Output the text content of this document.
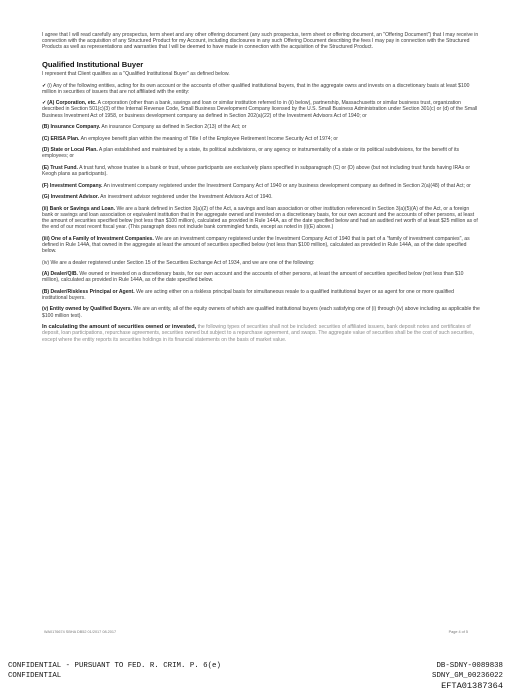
I agree that I will read carefully any prospectus, term sheet and any other offering document (any such prospectus, term sheet or offering document, an "Offering Document") that I may receive in connection with the acquisition of any Structured Product for my Account, including disclosures in any such Offering Document describing the fees I may pay in connection with the Structured Products as well as representations and warranties that I will be deemed to have made in connection with the acquisition of the Structured Product.

Qualified Institutional Buyer

I represent that Client qualifies as a "Qualified Institutional Buyer" as defined below.

✓(i) Any of the following entities, acting for its own account or the accounts of other qualified institutional buyers, that in the aggregate owns and invests on a discretionary basis at least $100 million in securities of issuers that are not affiliated with the entity:

✓(A) Corporation, etc. A corporation (other than a bank, savings and loan or similar institution referred to in (ii) below), partnership, Massachusetts or similar business trust, organization described in Section 501(c)(3) of the Internal Revenue Code, Small Business Development Company licensed by the U.S. Small Business Administration under Section 301(c) or (d) of the Small Business Investment Act of 1958, or business development company as defined in Section 202(a)(22) of the Investment Advisors Act of 1940; or

(B) Insurance Company. An insurance Company as defined in Section 2(13) of the Act; or

(C) ERISA Plan. An employee benefit plan within the meaning of Title I of the Employee Retirement Income Security Act of 1974; or

(D) State or Local Plan. A plan established and maintained by a state, its political subdivisions, or any agency or instrumentality of a state or its political subdivisions, for the benefit of its employees; or

(E) Trust Fund. A trust fund, whose trustee is a bank or trust, whose participants are exclusively plans specified in subparagraph (C) or (D) above (but not including trust funds having IRAs or Keogh plans as participants).

(F) Investment Company. An investment company registered under the Investment Company Act of 1940 or any business development company as defined in Section 2(a)(48) of that Act; or

(G) Investment Advisor. An investment advisor registered under the Investment Advisors Act of 1940.

(ii) Bank or Savings and Loan. We are a bank defined in Section 3(a)(2) of the Act, a savings and loan association or other institution referenced in Section 3(a)(5)(A) of the Act, or a foreign bank or savings and loan association or equivalent institution that in the aggregate owned and invested on a discretionary basis, for our own account and the accounts of other persons, at least the amount of securities specified below (not less than $100 million), calculated as provided in Rule 144A, as of the date specified below and had an audited net worth of at least $25 million as of the end of our most recent fiscal year. (This paragraph does not include bank commingled funds, except as noted in (i)(E) above.)

(iii) One of a Family of Investment Companies. We are an investment company registered under the Investment Company Act of 1940 that is part of a "family of investment companies", as defined in Rule 144A, that owned in the aggregate at least the amount of securities specified below (not less than $100 million), calculated as provided in Rule 144A, as of the date specified below.

(iv) We are a dealer registered under Section 15 of the Securities Exchange Act of 1934, and we are one of the following:

(A) Dealer/QIB. We owned or invested on a discretionary basis, for our own account and the accounts of other persons, at least the amount of securities specified below (not less than $10 million), calculated as provided in Rule 144A, as of the date specified below.

(B) Dealer/Riskless Principal or Agent. We are acting either on a riskless principal basis for simultaneous resale to a qualified institutional buyer or as agent for one or more qualified institutional buyers.

(v) Entity owned by Qualified Buyers. We are an entity, all of the equity owners of which are qualified institutional buyers (each satisfying one of (i) through (iv) above including as applicable the $100 million test).

In calculating the amount of securities owned or invested, the following types of securities shall not be included: securities of affiliated issuers, bank deposit notes and certificates of deposit, loan participations, repurchase agreements, securities owned but subject to a repurchase agreement, and swaps. The aggregate value of securities shall be the cost of such securities, except where the entity reports its securities holdings in its financial statements on the basis of market value.

WA0176674 SBHA DB52 01/2017 08.2017	Page 4 of 5
CONFIDENTIAL - PURSUANT TO FED. R. CRIM. P. 6(e)
CONFIDENTIAL
DB-SDNY-0089838
SDNY_GM_00236022
EFTA01387364
